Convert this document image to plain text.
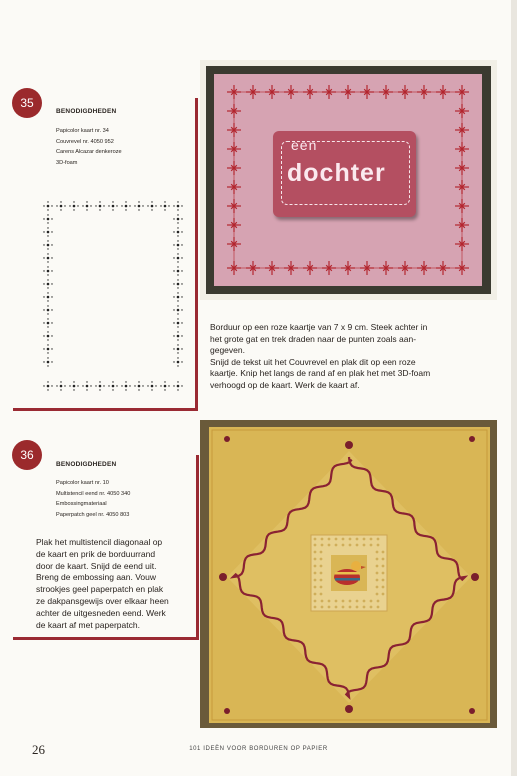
35
BENODIGDHEDEN
Papicolor kaart nr. 34
Couvrevel nr. 4050 952
Carens Alcazar denkeroze
3D-foam
een
dochter
Borduur op een roze kaartje van 7 x 9 cm. Steek achter in
het grote gat en trek draden naar de punten zoals aan-
gegeven.
Snijd de tekst uit het Couvrevel en plak dit op een roze
kaartje. Knip het langs de rand af en plak het met 3D-foam
verhoogd op de kaart. Werk de kaart af.
36
BENODIGDHEDEN
Papicolor kaart nr. 10
Multistencil eend nr. 4050 340
Embossingmateriaal
Paperpatch geel nr. 4050 803
Plak het multistencil diagonaal op
de kaart en prik de borduurrand
door de kaart. Snijd de eend uit.
Breng de embossing aan. Vouw
strookjes geel paperpatch en plak
ze dakpansgewijs over elkaar heen
achter de uitgesneden eend. Werk
de kaart af met paperpatch.
26	101 IDEËN VOOR BORDUREN OP PAPIER
